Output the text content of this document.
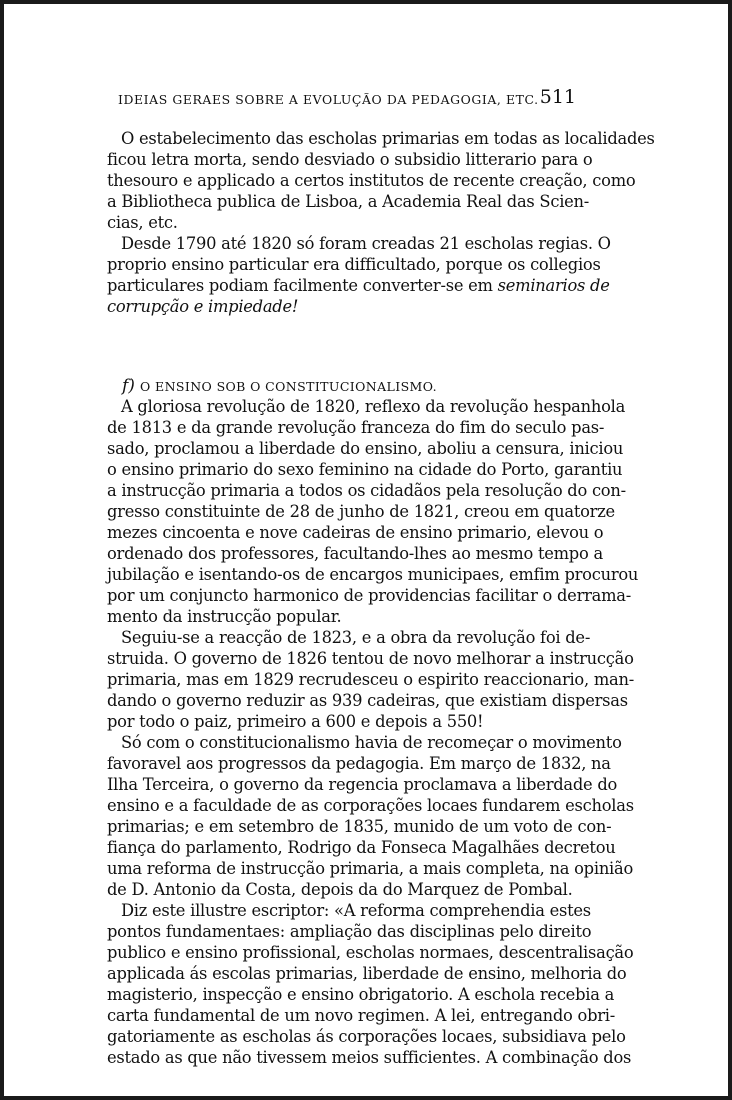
IDEIAS GERAES SOBRE A EVOLUÇÃO DA PEDAGOGIA, ETC. 511
O estabelecimento das escholas primarias em todas as localidades
ficou letra morta, sendo desviado o subsidio litterario para o
thesouro e applicado a certos institutos de recente creação, como
a Bibliotheca publica de Lisboa, a Academia Real das Scien-
cias, etc.
Desde 1790 até 1820 só foram creadas 21 escholas regias. O
proprio ensino particular era difficultado, porque os collegios
particulares podiam facilmente converter-se em seminarios de
corrupção e impiedade!
f) O ENSINO SOB O CONSTITUCIONALISMO.
A gloriosa revolução de 1820, reflexo da revolução hespanhola
de 1813 e da grande revolução franceza do fim do seculo pas-
sado, proclamou a liberdade do ensino, aboliu a censura, iniciou
o ensino primario do sexo feminino na cidade do Porto, garantiu
a instrucção primaria a todos os cidadãos pela resolução do con-
gresso constituinte de 28 de junho de 1821, creou em quatorze
mezes cincoenta e nove cadeiras de ensino primario, elevou o
ordenado dos professores, facultando-lhes ao mesmo tempo a
jubilação e isentando-os de encargos municipaes, emfim procurou
por um conjuncto harmonico de providencias facilitar o derrama-
mento da instrucção popular.
Seguiu-se a reacção de 1823, e a obra da revolução foi de-
struida. O governo de 1826 tentou de novo melhorar a instrucção
primaria, mas em 1829 recrudesceu o espirito reaccionario, man-
dando o governo reduzir as 939 cadeiras, que existiam dispersas
por todo o paiz, primeiro a 600 e depois a 550!
Só com o constitucionalismo havia de recomeçar o movimento
favoravel aos progressos da pedagogia. Em março de 1832, na
Ilha Terceira, o governo da regencia proclamava a liberdade do
ensino e a faculdade de as corporações locaes fundarem escholas
primarias; e em setembro de 1835, munido de um voto de con-
fiança do parlamento, Rodrigo da Fonseca Magalhães decretou
uma reforma de instrucção primaria, a mais completa, na opinião
de D. Antonio da Costa, depois da do Marquez de Pombal.
Diz este illustre escriptor: «A reforma comprehendia estes
pontos fundamentaes: ampliação das disciplinas pelo direito
publico e ensino profissional, escholas normaes, descentralisação
applicada ás escolas primarias, liberdade de ensino, melhoria do
magisterio, inspecção e ensino obrigatorio. A eschola recebia a
carta fundamental de um novo regimen. A lei, entregando obri-
gatoriamente as escholas ás corporações locaes, subsidiava pelo
estado as que não tivessem meios sufficientes. A combinação dos
